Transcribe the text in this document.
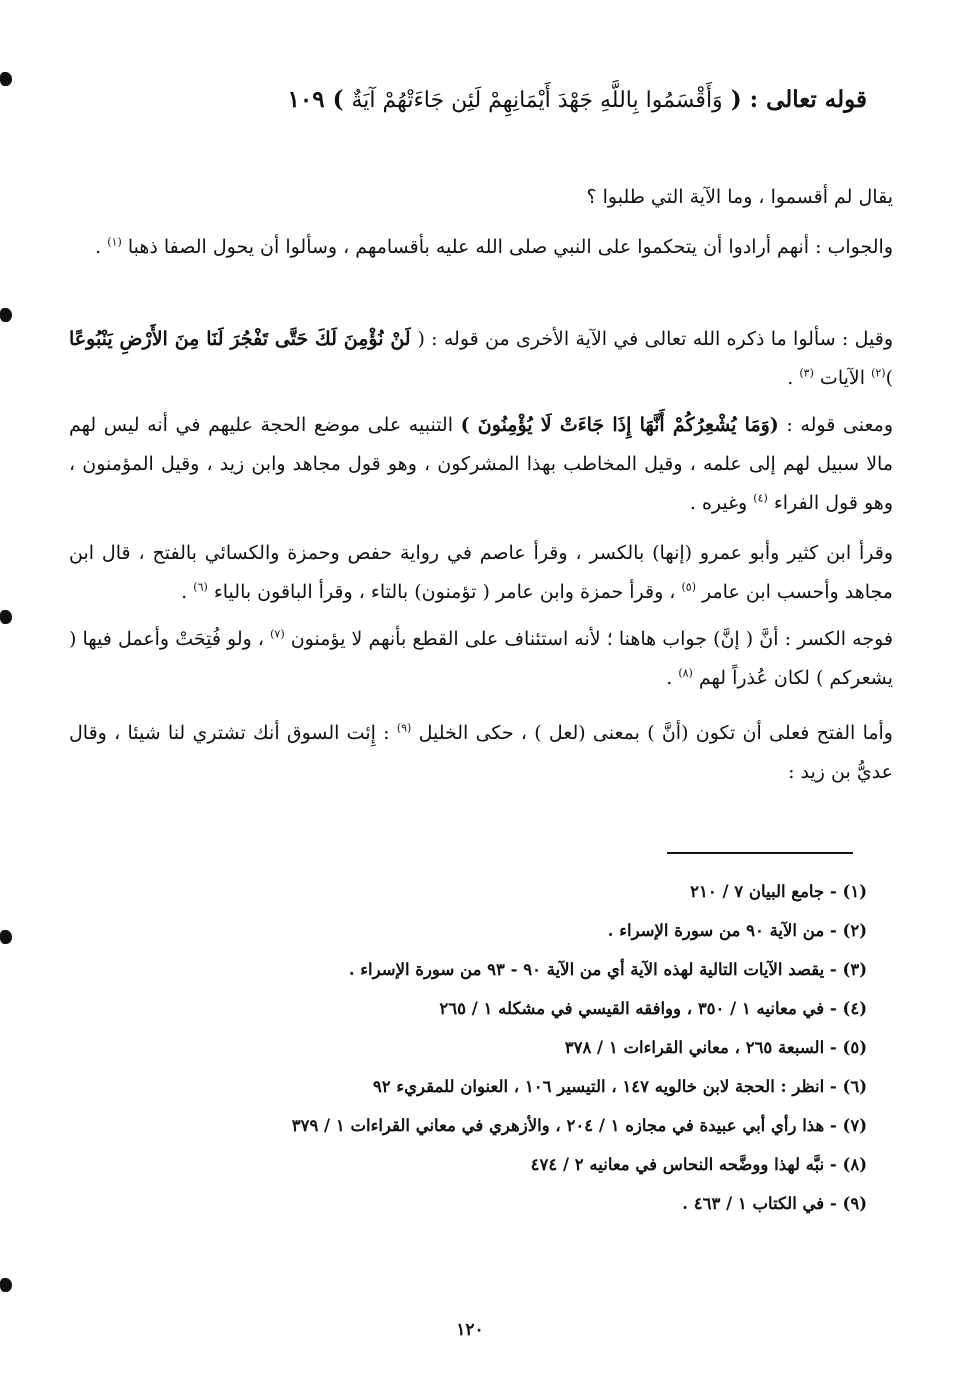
قوله تعالى : ( وَأَقْسَمُوا بِاللَّهِ جَهْدَ أَيْمَانِهِمْ لَئِن جَاءَتْهُمْ آيَةٌ ) ١٠٩

يقال لم أقسموا ، وما الآية التي طلبوا ؟

والجواب : أنهم أرادوا أن يتحكموا على النبي صلى الله عليه بأقسامهم ، وسألوا أن يحول الصفا ذهبا $^{(١)}$ .

وقيل : سألوا ما ذكره الله تعالى في الآية الأخرى من قوله : ( لَنْ نُؤْمِنَ لَكَ حَتَّى تَفْجُرَ لَنَا مِنَ الأَرْضِ يَنْبُوعًا )$^{(٢)}$ الآيات $^{(٣)}$ .

ومعنى قوله : (وَمَا يُشْعِرُكُمْ أَنَّهَا إِذَا جَاءَتْ لَا يُؤْمِنُونَ ) التنبيه على موضع الحجة عليهم في أنه ليس لهم مالا سبيل لهم إلى علمه ، وقيل المخاطب بهذا المشركون ، وهو قول مجاهد وابن زيد ، وقيل المؤمنون ، وهو قول الفراء $^{(٤)}$ وغيره .

وقرأ ابن كثير وأبو عمرو (إنها) بالكسر ، وقرأ عاصم في رواية حفص وحمزة والكسائي بالفتح ، قال ابن مجاهد وأحسب ابن عامر $^{(٥)}$ ، وقرأ حمزة وابن عامر ( تؤمنون) بالتاء ، وقرأ الباقون بالياء $^{(٦)}$ .

فوجه الكسر : أنَّ ( إنَّ) جواب هاهنا ؛ لأنه استئناف على القطع بأنهم لا يؤمنون $^{(٧)}$ ، ولو فُتِحَتْ وأعمل فيها ( يشعركم ) لكان عُذراً لهم $^{(٨)}$ .

وأما الفتح فعلى أن تكون (أنَّ ) بمعنى (لعل ) ، حكى الخليل $^{(٩)}$ : إِئت السوق أنك تشتري لنا شيئا ، وقال عديُّ بن زيد :

(١) - جامع البيان ٧ / ٢١٠
(٢) - من الآية ٩٠ من سورة الإسراء .
(٣) - يقصد الآيات التالية لهذه الآية أي من الآية ٩٠ - ٩٣ من سورة الإسراء .
(٤) - في معانيه ١ / ٣٥٠ ، ووافقه القيسي في مشكله ١ / ٢٦٥
(٥) - السبعة ٢٦٥ ، معاني القراءات ١ / ٣٧٨
(٦) - انظر : الحجة لابن خالويه ١٤٧ ، التيسير ١٠٦ ، العنوان للمقريء ٩٢
(٧) - هذا رأي أبي عبيدة في مجازه ١ / ٢٠٤ ، والأزهري في معاني القراءات ١ / ٣٧٩
(٨) - نبَّه لهذا ووضَّحه النحاس في معانيه ٢ / ٤٧٤
(٩) - في الكتاب ١ / ٤٦٣ .
١٢٠
